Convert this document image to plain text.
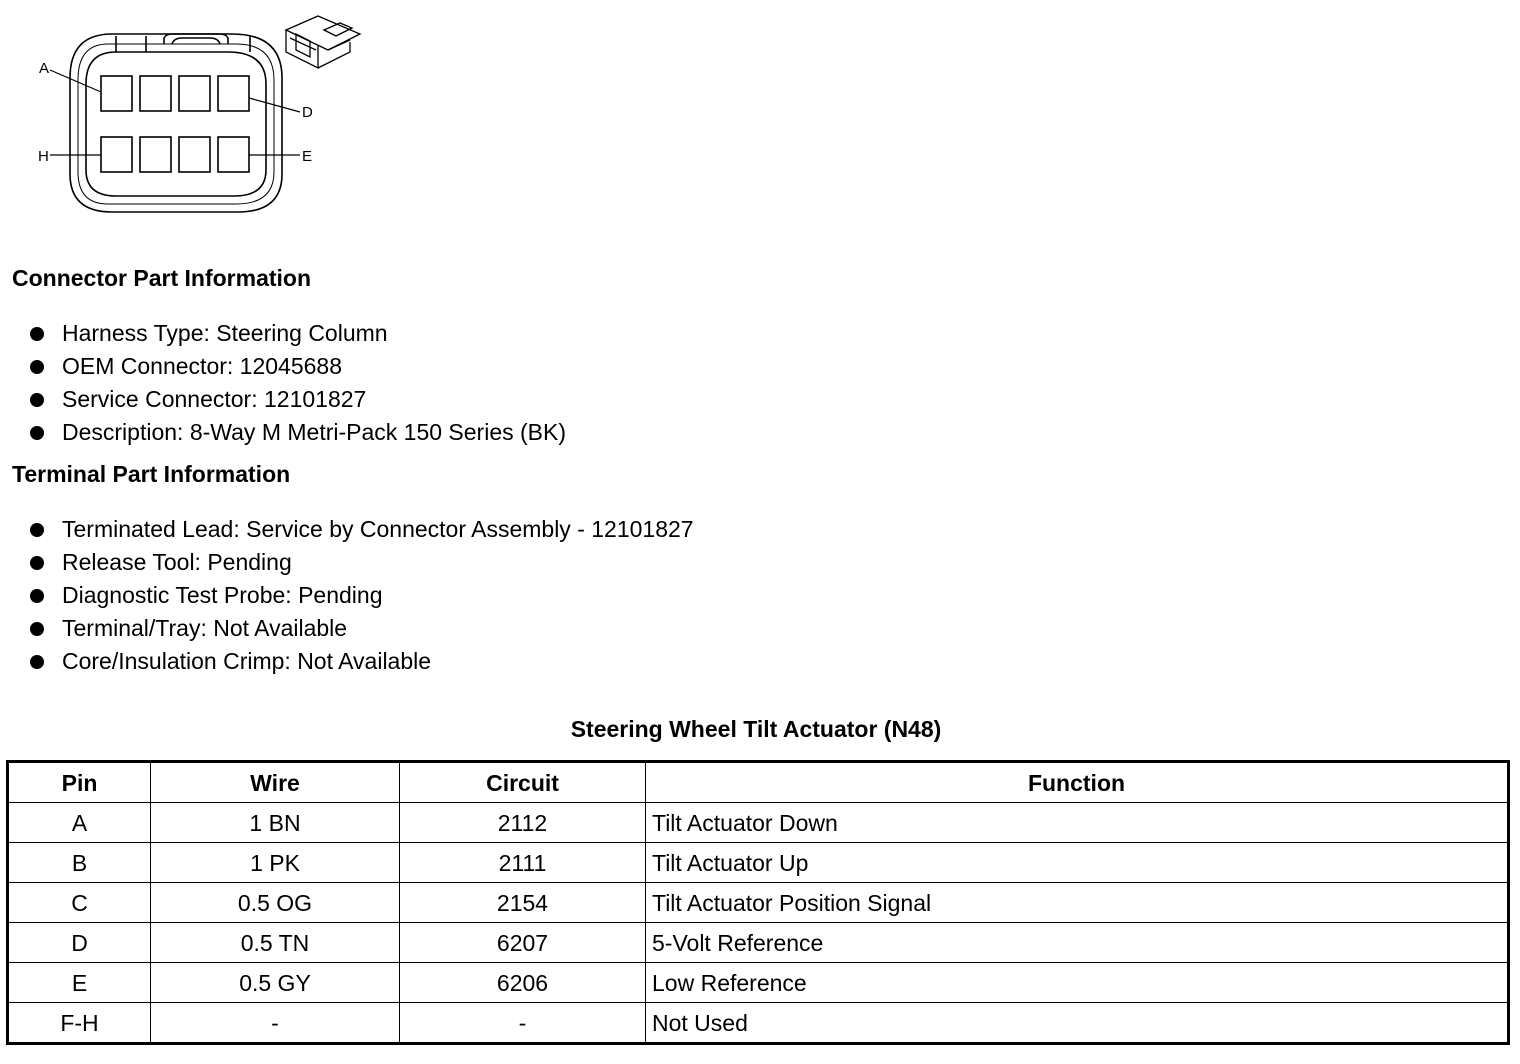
A
D
H	E
Connector Part Information
Harness Type: Steering Column
OEM Connector: 12045688
Service Connector: 12101827
Description: 8-Way M Metri-Pack 150 Series (BK)
Terminal Part Information
Terminated Lead: Service by Connector Assembly - 12101827
Release Tool: Pending
Diagnostic Test Probe: Pending
Terminal/Tray: Not Available
Core/Insulation Crimp: Not Available
Steering Wheel Tilt Actuator (N48)
Pin	Wire	Circuit	Function
A	1 BN	2112	Tilt Actuator Down
B	1 PK	2111	Tilt Actuator Up
C	0.5 OG	2154	Tilt Actuator Position Signal
D	0.5 TN	6207	5-Volt Reference
E	0.5 GY	6206	Low Reference
F-H	-	-	Not Used
